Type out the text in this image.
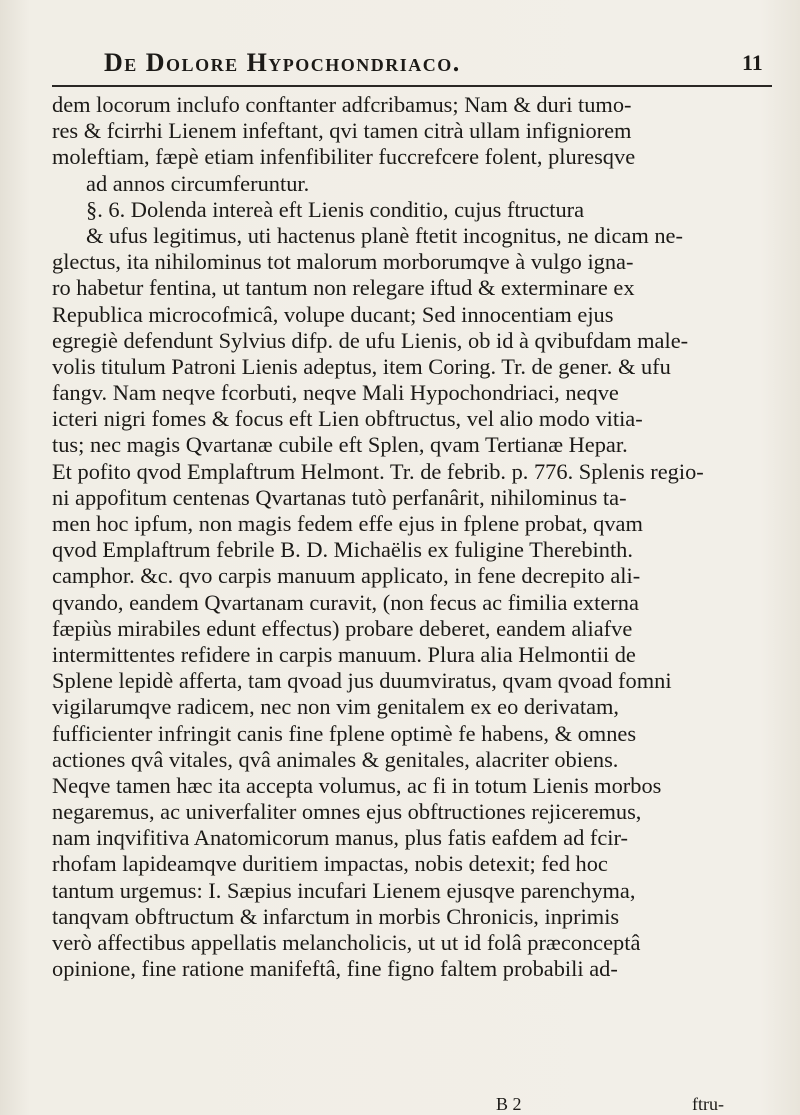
De Dolore Hypochondriaco.	11
dem locorum inclufo conftanter adfcribamus; Nam & duri tumo-
res & fcirrhi Lienem infeftant, qvi tamen citrà ullam infigniorem
moleftiam, fæpè etiam infenfibiliter fuccrefcere folent, pluresqve
ad annos circumferuntur.
§. 6. Dolenda intereà eft Lienis conditio, cujus ftructura
& ufus legitimus, uti hactenus planè ftetit incognitus, ne dicam ne-
glectus, ita nihilominus tot malorum morborumqve à vulgo igna-
ro habetur fentina, ut tantum non relegare iftud & exterminare ex
Republica microcofmicâ, volupe ducant; Sed innocentiam ejus
egregiè defendunt Sylvius difp. de ufu Lienis, ob id à qvibufdam male-
volis titulum Patroni Lienis adeptus, item Coring. Tr. de gener. & ufu
fangv. Nam neqve fcorbuti, neqve Mali Hypochondriaci, neqve
icteri nigri fomes & focus eft Lien obftructus, vel alio modo vitia-
tus; nec magis Qvartanæ cubile eft Splen, qvam Tertianæ Hepar.
Et pofito qvod Emplaftrum Helmont. Tr. de febrib. p. 776. Splenis regio-
ni appofitum centenas Qvartanas tutò perfanârit, nihilominus ta-
men hoc ipfum, non magis fedem effe ejus in fplene probat, qvam
qvod Emplaftrum febrile B. D. Michaëlis ex fuligine Therebinth.
camphor. &c. qvo carpis manuum applicato, in fene decrepito ali-
qvando, eandem Qvartanam curavit, (non fecus ac fimilia externa
fæpiùs mirabiles edunt effectus) probare deberet, eandem aliafve
intermittentes refidere in carpis manuum. Plura alia Helmontii de
Splene lepidè afferta, tam qvoad jus duumviratus, qvam qvoad fomni
vigilarumqve radicem, nec non vim genitalem ex eo derivatam,
fufficienter infringit canis fine fplene optimè fe habens, & omnes
actiones qvâ vitales, qvâ animales & genitales, alacriter obiens.
Neqve tamen hæc ita accepta volumus, ac fi in totum Lienis morbos
negaremus, ac univerfaliter omnes ejus obftructiones rejiceremus,
nam inqvifitiva Anatomicorum manus, plus fatis eafdem ad fcir-
rhofam lapideamqve duritiem impactas, nobis detexit; fed hoc
tantum urgemus: I. Sæpius incufari Lienem ejusqve parenchyma,
tanqvam obftructum & infarctum in morbis Chronicis, inprimis
verò affectibus appellatis melancholicis, ut ut id folâ præconceptâ
opinione, fine ratione manifeftâ, fine figno faltem probabili ad-
B 2	ftru-
